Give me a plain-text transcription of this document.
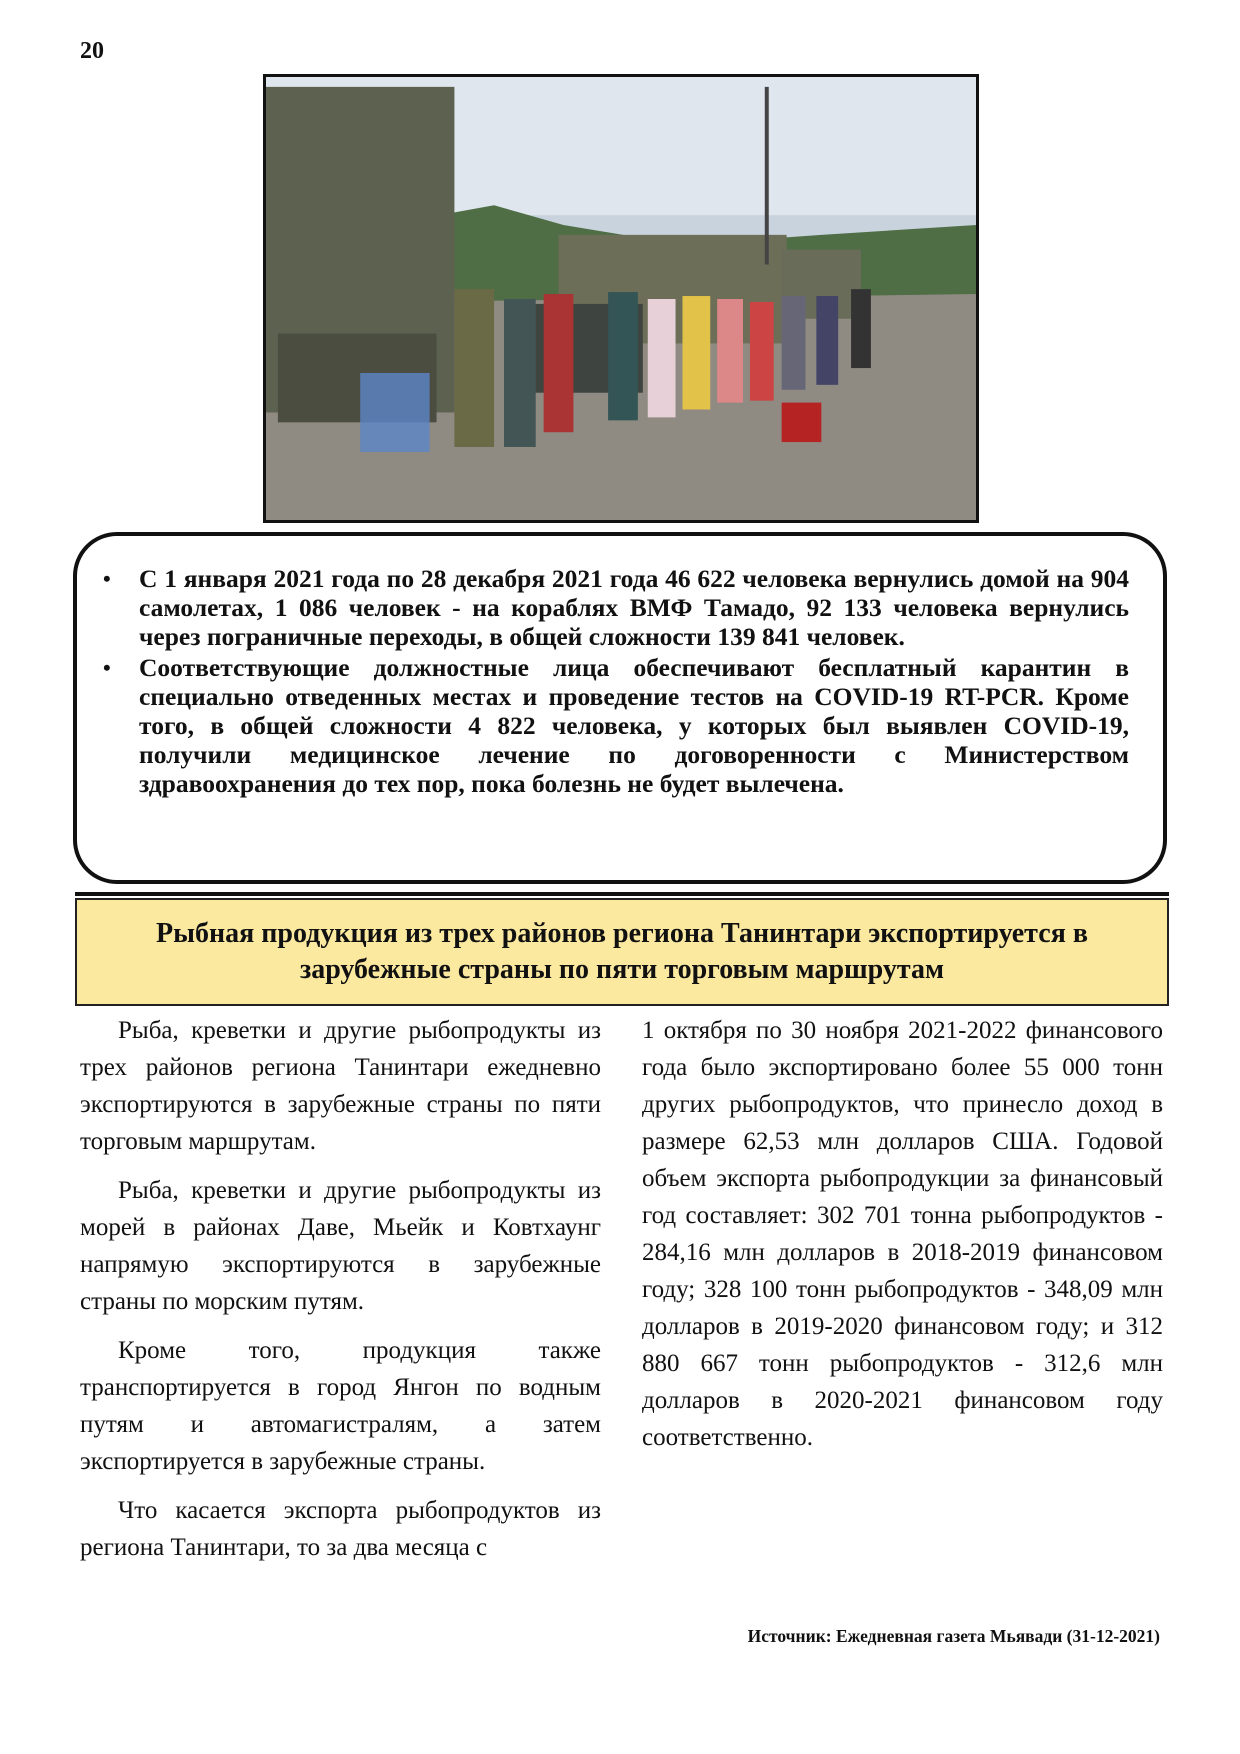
20
• С 1 января 2021 года по 28 декабря 2021 года 46 622 человека вернулись домой на 904 самолетах, 1 086 человек - на кораблях ВМФ Тамадо, 92 133 человека вернулись через пограничные переходы, в общей сложности 139 841 человек.
• Соответствующие должностные лица обеспечивают бесплатный карантин в специально отведенных местах и проведение тестов на COVID-19 RT-PCR. Кроме того, в общей сложности 4 822 человека, у которых был выявлен COVID-19, получили медицинское лечение по договоренности с Министерством здравоохранения до тех пор, пока болезнь не будет вылечена.
Рыбная продукция из трех районов региона Танинтари экспортируется в зарубежные страны по пяти торговым маршрутам

Рыба, креветки и другие рыбопродукты из трех районов региона Танинтари ежедневно экспортируются в зарубежные страны по пяти торговым маршрутам.

Рыба, креветки и другие рыбопродукты из морей в районах Даве, Мьейк и Ковтхаунг напрямую экспортируются в зарубежные страны по морским путям.

Кроме того, продукция также транспортируется в город Янгон по водным путям и автомагистралям, а затем экспортируется в зарубежные страны.

Что касается экспорта рыбопродуктов из региона Танинтари, то за два месяца с

1 октября по 30 ноября 2021-2022 финансового года было экспортировано более 55 000 тонн других рыбопродуктов, что принесло доход в размере 62,53 млн долларов США. Годовой объем экспорта рыбопродукции за финансовый год составляет: 302 701 тонна рыбопродуктов - 284,16 млн долларов в 2018-2019 финансовом году; 328 100 тонн рыбопродуктов - 348,09 млн долларов в 2019-2020 финансовом году; и 312 880 667 тонн рыбопродуктов - 312,6 млн долларов в 2020-2021 финансовом году соответственно.

Источник: Ежедневная газета Мьявади (31-12-2021)
